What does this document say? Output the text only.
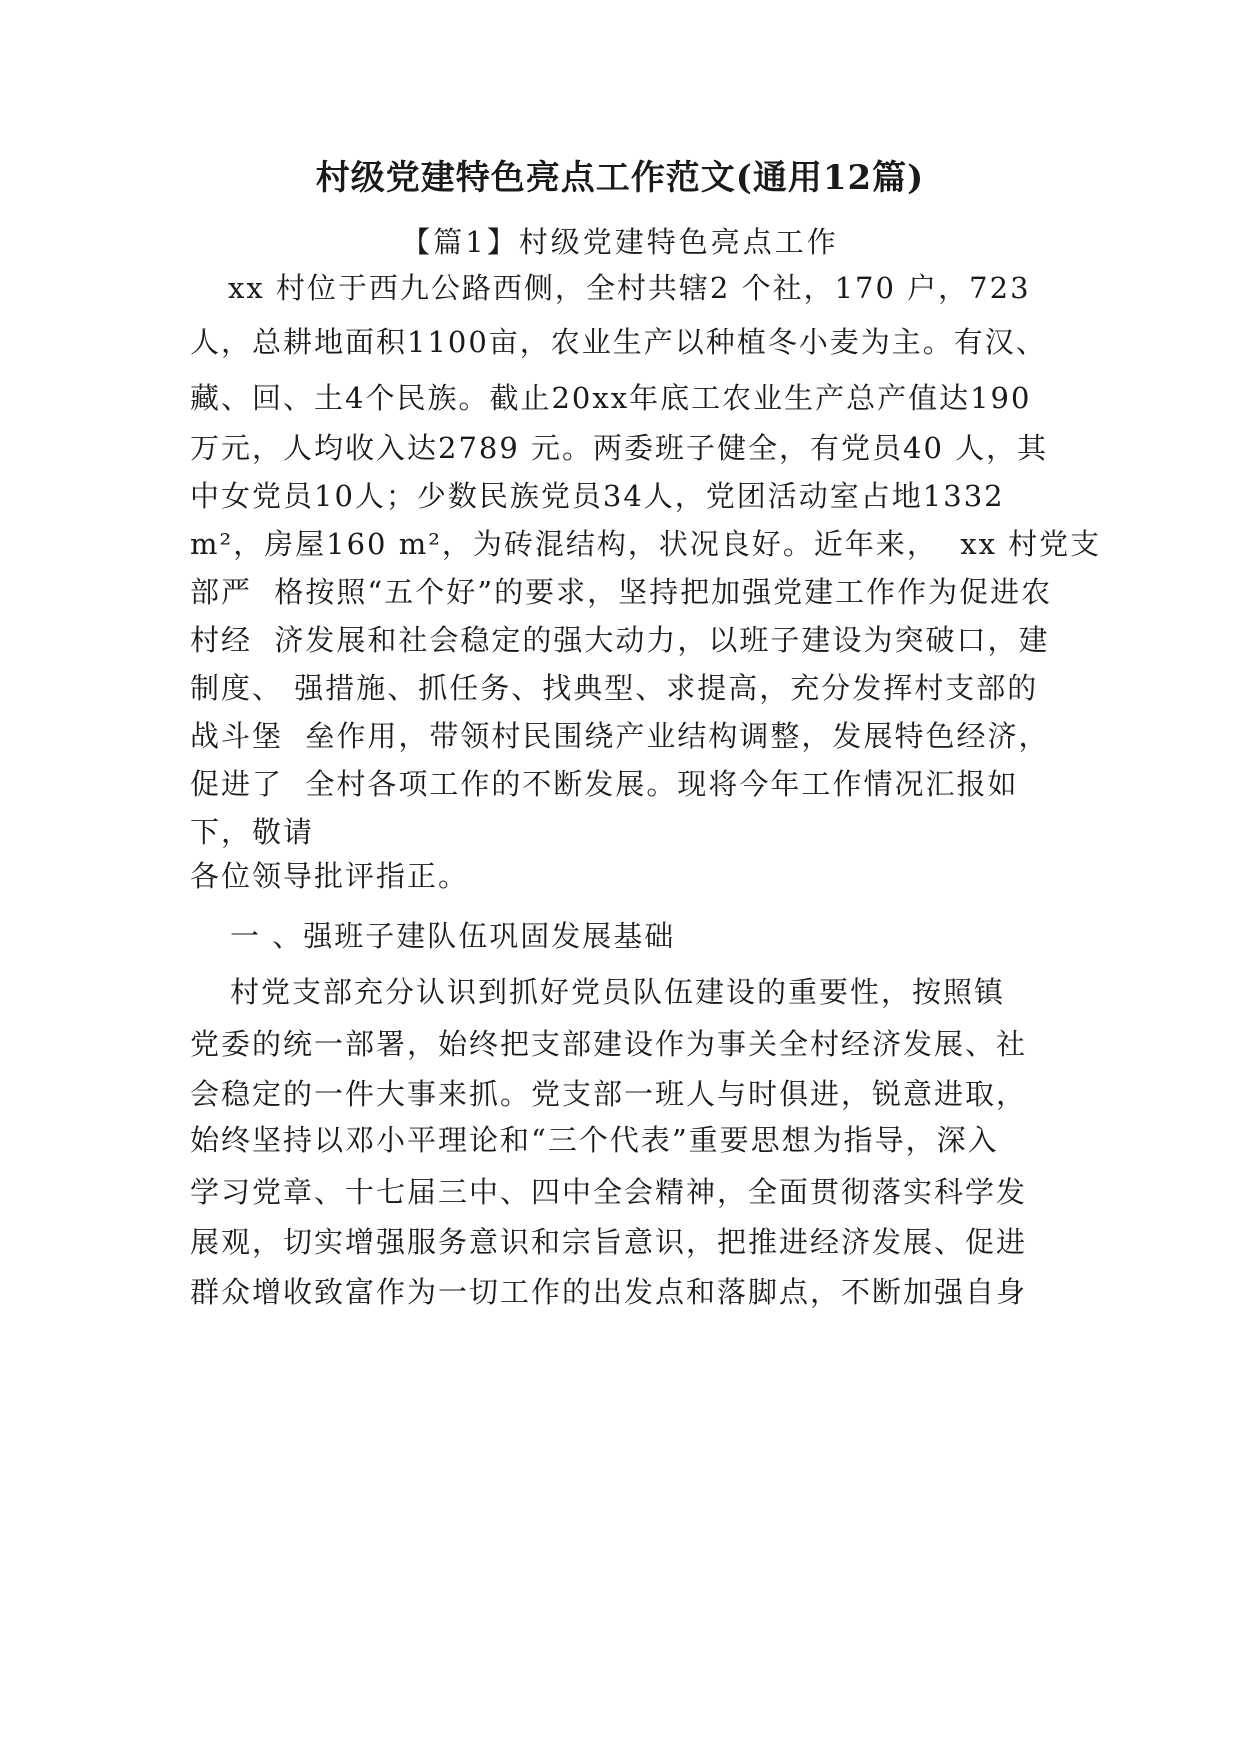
村级党建特色亮点工作范文(通用12篇)
【篇1】村级党建特色亮点工作
xx 村位于西九公路西侧，全村共辖2 个社，170 户，723
人，总耕地面积1100亩，农业生产以种植冬小麦为主。有汉、
藏、回、土4个民族。截止20xx年底工农业生产总产值达190
万元，人均收入达2789 元。两委班子健全，有党员40 人，其
中女党员10人；少数民族党员34人，党团活动室占地1332
m²，房屋160 m²，为砖混结构，状况良好。近年来，  xx 村党支
部严  格按照“五个好”的要求，坚持把加强党建工作作为促进农
村经  济发展和社会稳定的强大动力，以班子建设为突破口，建
制度、 强措施、抓任务、找典型、求提高，充分发挥村支部的
战斗堡  垒作用，带领村民围绕产业结构调整，发展特色经济，
促进了  全村各项工作的不断发展。现将今年工作情况汇报如
下，敬请
各位领导批评指正。
一 、强班子建队伍巩固发展基础
村党支部充分认识到抓好党员队伍建设的重要性，按照镇
党委的统一部署，始终把支部建设作为事关全村经济发展、社
会稳定的一件大事来抓。党支部一班人与时俱进，锐意进取，
始终坚持以邓小平理论和“三个代表”重要思想为指导，深入
学习党章、十七届三中、四中全会精神，全面贯彻落实科学发
展观，切实增强服务意识和宗旨意识，把推进经济发展、促进
群众增收致富作为一切工作的出发点和落脚点，不断加强自身
